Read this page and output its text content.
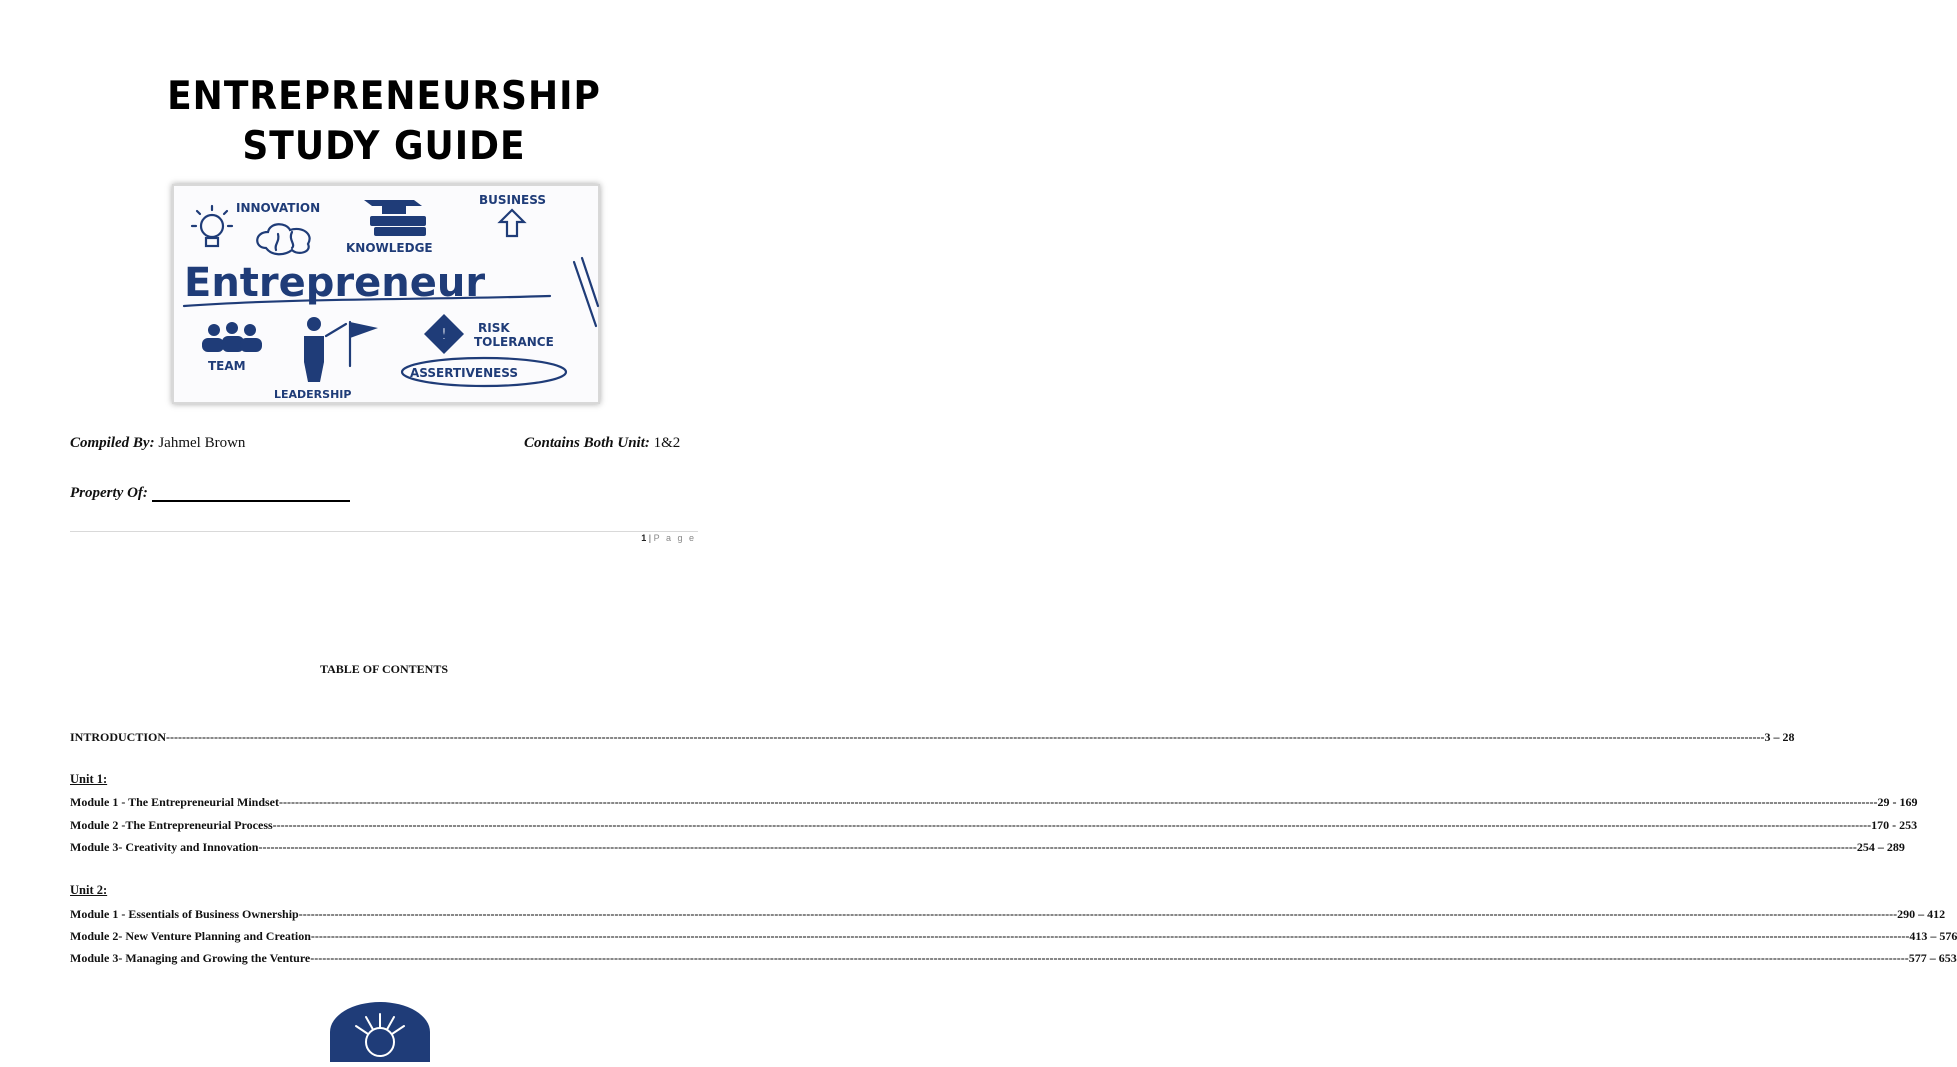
ENTREPRENEURSHIP
STUDY GUIDE
!
INNOVATION
BUSINESS
KNOWLEDGE
Entrepreneur
RISK
TOLERANCE
TEAM	ASSERTIVENESS
LEADERSHIP
Compiled By: Jahmel Brown	Contains Both Unit: 1&2
Property Of:
1 | P a g e
TABLE OF CONTENTS
INTRODUCTION ---------------------------------------------------------------------------------------------------------------------------------------------------------------------------------------------------------------------------------------------------------------------------------------------------------------------------------------------------------------------------------------------------------------- 3 – 28
Unit 1:
Module 1 - The Entrepreneurial Mindset ---------------------------------------------------------------------------------------------------------------------------------------------------------------------------------------------------------------------------------------------------------------------------------------------------------------------------------------------------------------------------------------------------------------- 29 - 169
Module 2 -The Entrepreneurial Process ---------------------------------------------------------------------------------------------------------------------------------------------------------------------------------------------------------------------------------------------------------------------------------------------------------------------------------------------------------------------------------------------------------------- 170 - 253
Module 3- Creativity and Innovation ---------------------------------------------------------------------------------------------------------------------------------------------------------------------------------------------------------------------------------------------------------------------------------------------------------------------------------------------------------------------------------------------------------------- 254 – 289
Unit 2:
Module 1 - Essentials of Business Ownership ---------------------------------------------------------------------------------------------------------------------------------------------------------------------------------------------------------------------------------------------------------------------------------------------------------------------------------------------------------------------------------------------------------------- 290 – 412
Module 2- New Venture Planning and Creation ---------------------------------------------------------------------------------------------------------------------------------------------------------------------------------------------------------------------------------------------------------------------------------------------------------------------------------------------------------------------------------------------------------------- 413 – 576
Module 3- Managing and Growing the Venture ---------------------------------------------------------------------------------------------------------------------------------------------------------------------------------------------------------------------------------------------------------------------------------------------------------------------------------------------------------------------------------------------------------------- 577 – 653
